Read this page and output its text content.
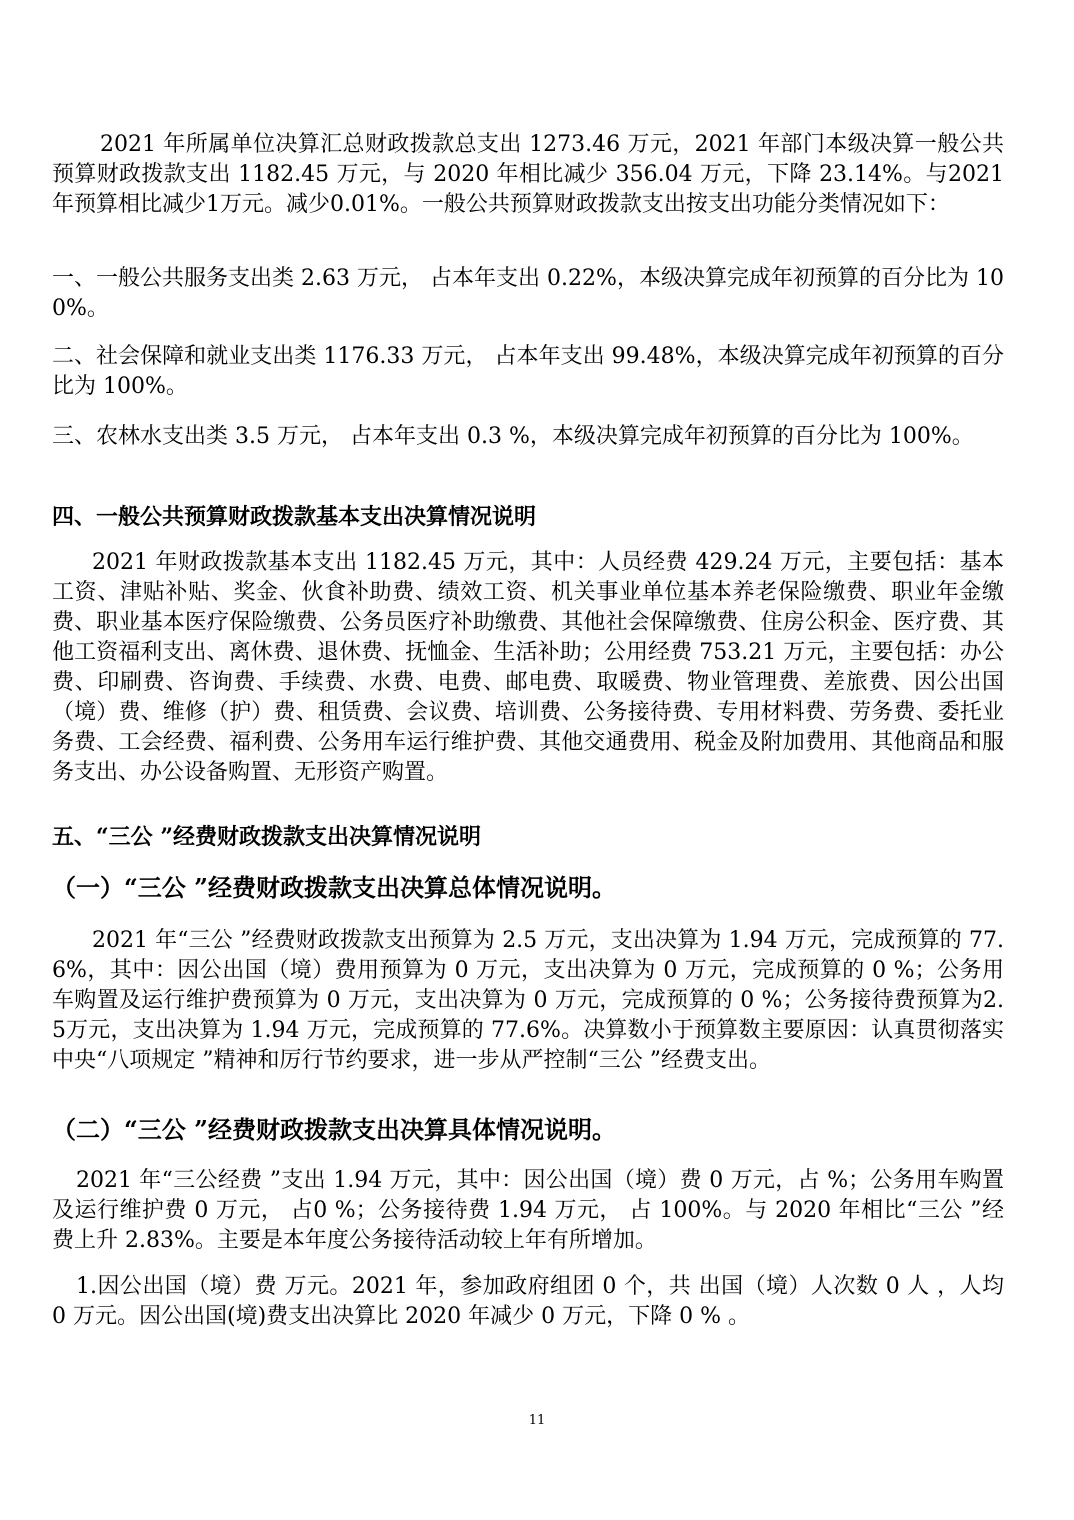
2021 年所属单位决算汇总财政拨款总支出 1273.46 万元，2021 年部门本级决算一般公共预算财政拨款支出 1182.45 万元，与 2020 年相比减少 356.04 万元，下降 23.14%。与2021年预算相比减少1万元。减少0.01%。一般公共预算财政拨款支出按支出功能分类情况如下：

一、一般公共服务支出类 2.63 万元， 占本年支出 0.22%，本级决算完成年初预算的百分比为 100%。

二、社会保障和就业支出类 1176.33 万元， 占本年支出 99.48%，本级决算完成年初预算的百分比为 100%。

三、农林水支出类 3.5 万元， 占本年支出 0.3 %，本级决算完成年初预算的百分比为 100%。

四、一般公共预算财政拨款基本支出决算情况说明

2021 年财政拨款基本支出 1182.45 万元，其中：人员经费 429.24 万元，主要包括：基本工资、津贴补贴、奖金、伙食补助费、绩效工资、机关事业单位基本养老保险缴费、职业年金缴费、职业基本医疗保险缴费、公务员医疗补助缴费、其他社会保障缴费、住房公积金、医疗费、其他工资福利支出、离休费、退休费、抚恤金、生活补助；公用经费 753.21 万元，主要包括：办公费、印刷费、咨询费、手续费、水费、电费、邮电费、取暖费、物业管理费、差旅费、因公出国（境）费、维修（护）费、租赁费、会议费、培训费、公务接待费、专用材料费、劳务费、委托业务费、工会经费、福利费、公务用车运行维护费、其他交通费用、税金及附加费用、其他商品和服务支出、办公设备购置、无形资产购置。

五、“三公 ”经费财政拨款支出决算情况说明
（一）“三公 ”经费财政拨款支出决算总体情况说明。

2021 年“三公 ”经费财政拨款支出预算为 2.5 万元，支出决算为 1.94 万元，完成预算的 77.6%，其中：因公出国（境）费用预算为 0 万元，支出决算为 0 万元，完成预算的 0 %；公务用车购置及运行维护费预算为 0 万元，支出决算为 0 万元，完成预算的 0 %；公务接待费预算为2.5万元，支出决算为 1.94 万元，完成预算的 77.6%。决算数小于预算数主要原因：认真贯彻落实中央“八项规定 ”精神和厉行节约要求，进一步从严控制“三公 ”经费支出。

（二）“三公 ”经费财政拨款支出决算具体情况说明。

2021 年“三公经费 ”支出 1.94 万元，其中：因公出国（境）费 0 万元，占 %；公务用车购置及运行维护费 0 万元， 占0 %；公务接待费 1.94 万元， 占 100%。与 2020 年相比“三公 ”经费上升 2.83%。主要是本年度公务接待活动较上年有所增加。

1.因公出国（境）费 万元。2021 年，参加政府组团 0 个，共 出国（境）人次数 0 人 ，人均 0 万元。因公出国(境)费支出决算比 2020 年减少 0 万元，下降 0 % 。

11
